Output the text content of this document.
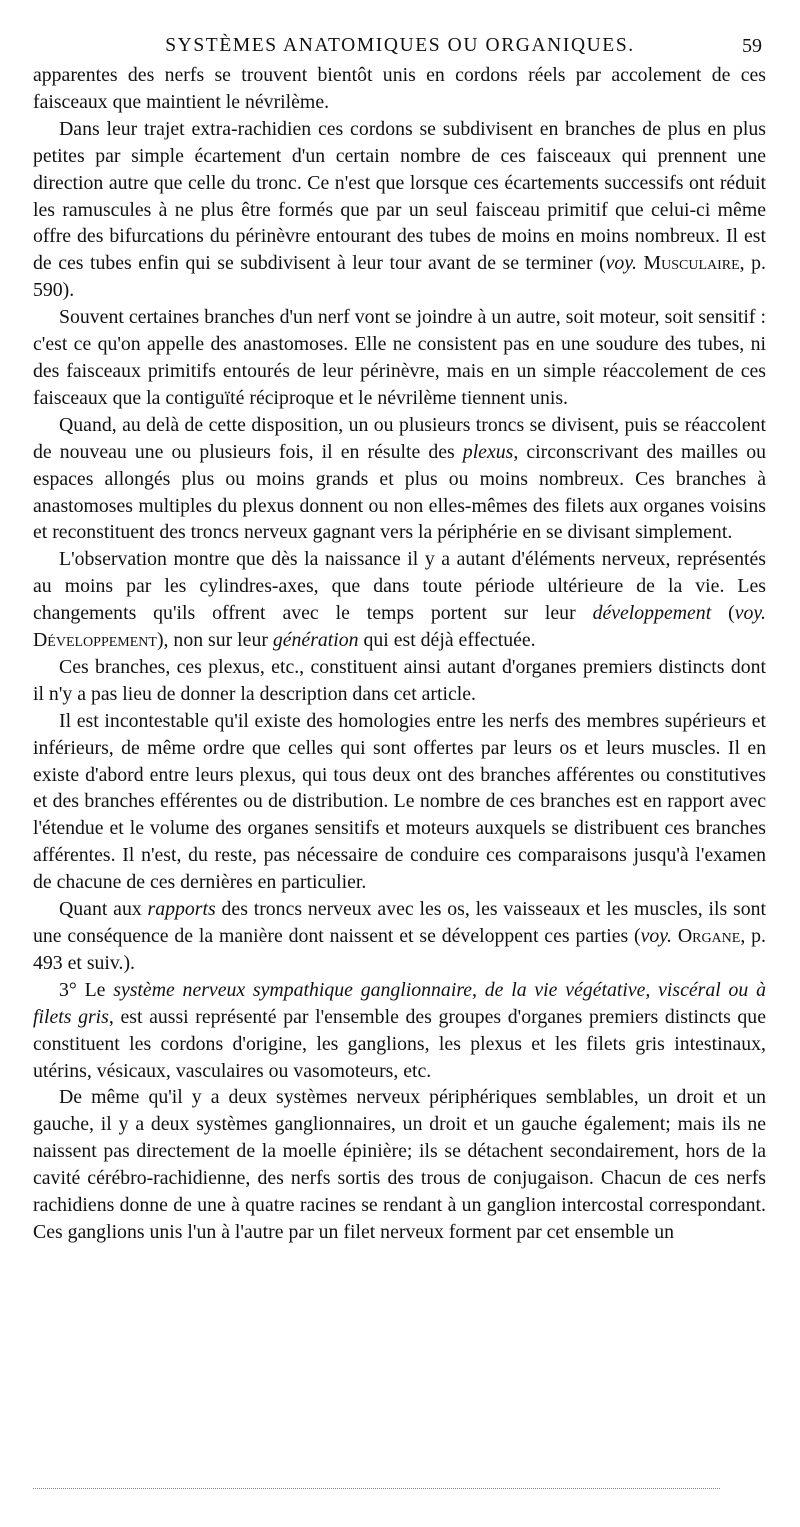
SYSTÈMES ANATOMIQUES OU ORGANIQUES.	59

apparentes des nerfs se trouvent bientôt unis en cordons réels par accolement de ces faisceaux que maintient le névrilème.

Dans leur trajet extra-rachidien ces cordons se subdivisent en branches de plus en plus petites par simple écartement d'un certain nombre de ces faisceaux qui prennent une direction autre que celle du tronc. Ce n'est que lorsque ces écartements successifs ont réduit les ramuscules à ne plus être formés que par un seul faisceau primitif que celui-ci même offre des bifurcations du périnèvre entourant des tubes de moins en moins nombreux. Il est de ces tubes enfin qui se subdivisent à leur tour avant de se terminer (voy. Musculaire, p. 590).

Souvent certaines branches d'un nerf vont se joindre à un autre, soit moteur, soit sensitif : c'est ce qu'on appelle des anastomoses. Elle ne consistent pas en une soudure des tubes, ni des faisceaux primitifs entourés de leur périnèvre, mais en un simple réaccolement de ces faisceaux que la contiguïté réciproque et le névrilème tiennent unis.

Quand, au delà de cette disposition, un ou plusieurs troncs se divisent, puis se réaccolent de nouveau une ou plusieurs fois, il en résulte des plexus, circonscrivant des mailles ou espaces allongés plus ou moins grands et plus ou moins nombreux. Ces branches à anastomoses multiples du plexus donnent ou non elles-mêmes des filets aux organes voisins et reconstituent des troncs nerveux gagnant vers la périphérie en se divisant simplement.

L'observation montre que dès la naissance il y a autant d'éléments nerveux, représentés au moins par les cylindres-axes, que dans toute période ultérieure de la vie. Les changements qu'ils offrent avec le temps portent sur leur développement (voy. Développement), non sur leur génération qui est déjà effectuée.

Ces branches, ces plexus, etc., constituent ainsi autant d'organes premiers distincts dont il n'y a pas lieu de donner la description dans cet article.

Il est incontestable qu'il existe des homologies entre les nerfs des membres supérieurs et inférieurs, de même ordre que celles qui sont offertes par leurs os et leurs muscles. Il en existe d'abord entre leurs plexus, qui tous deux ont des branches afférentes ou constitutives et des branches efférentes ou de distribution. Le nombre de ces branches est en rapport avec l'étendue et le volume des organes sensitifs et moteurs auxquels se distribuent ces branches afférentes. Il n'est, du reste, pas nécessaire de conduire ces comparaisons jusqu'à l'examen de chacune de ces dernières en particulier.

Quant aux rapports des troncs nerveux avec les os, les vaisseaux et les muscles, ils sont une conséquence de la manière dont naissent et se développent ces parties (voy. Organe, p. 493 et suiv.).

3° Le système nerveux sympathique ganglionnaire, de la vie végétative, viscéral ou à filets gris, est aussi représenté par l'ensemble des groupes d'organes premiers distincts que constituent les cordons d'origine, les ganglions, les plexus et les filets gris intestinaux, utérins, vésicaux, vasculaires ou vasomoteurs, etc.

De même qu'il y a deux systèmes nerveux périphériques semblables, un droit et un gauche, il y a deux systèmes ganglionnaires, un droit et un gauche également; mais ils ne naissent pas directement de la moelle épinière; ils se détachent secondairement, hors de la cavité cérébro-rachidienne, des nerfs sortis des trous de conjugaison. Chacun de ces nerfs rachidiens donne de une à quatre racines se rendant à un ganglion intercostal correspondant. Ces ganglions unis l'un à l'autre par un filet nerveux forment par cet ensemble un
